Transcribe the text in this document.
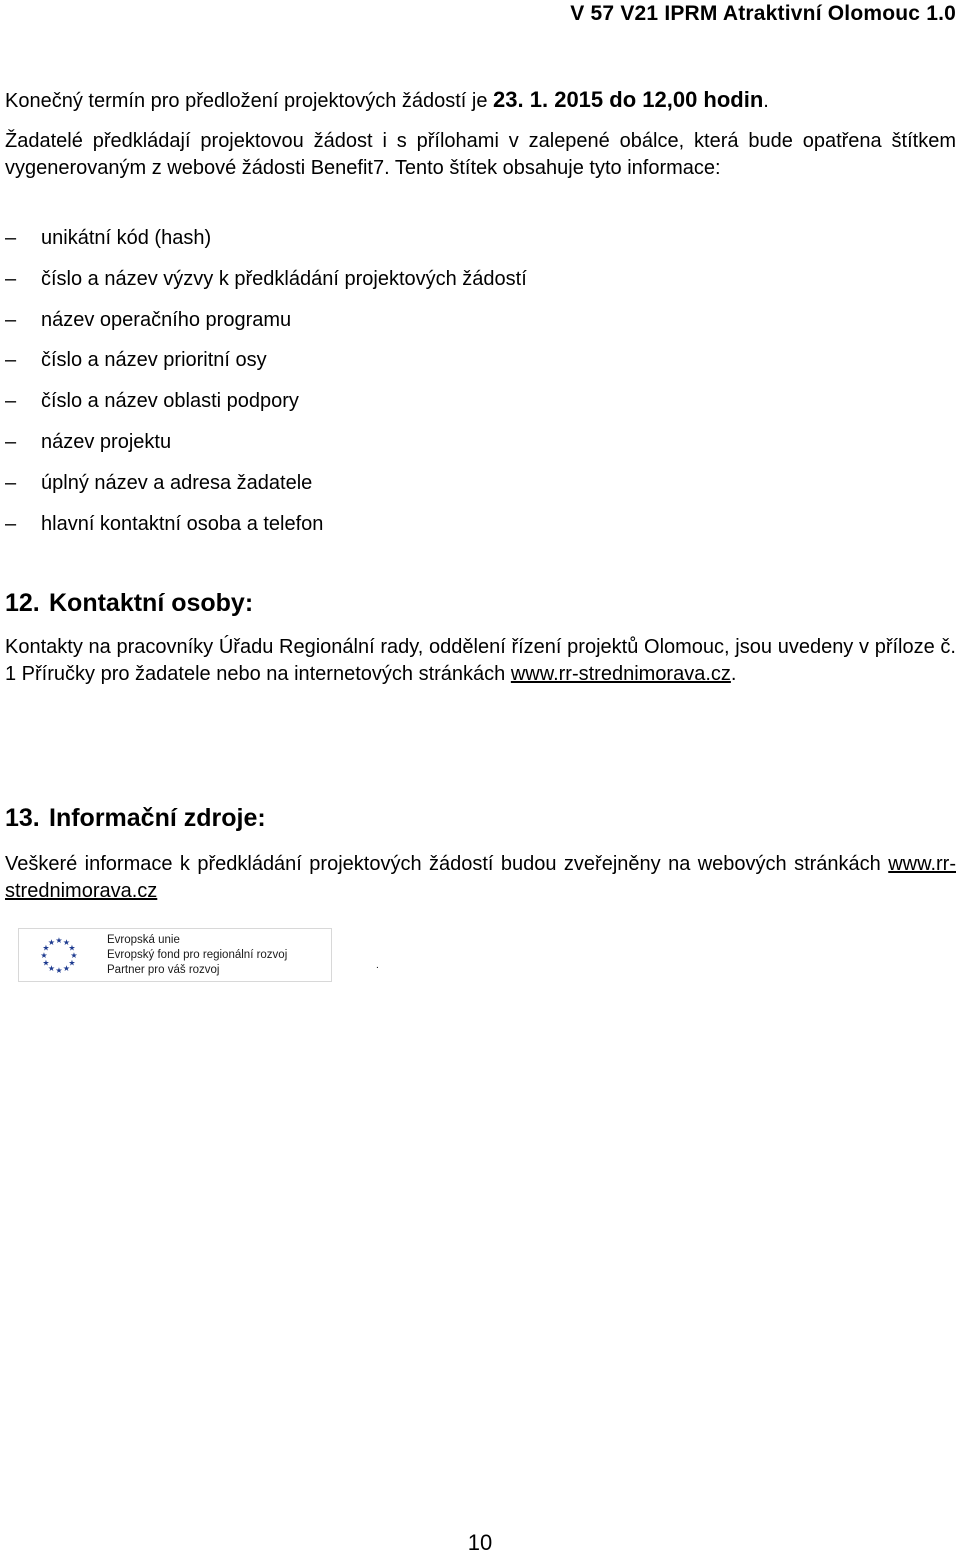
V 57 V21 IPRM Atraktivní Olomouc 1.0

Konečný termín pro předložení projektových žádostí je 23. 1. 2015 do 12,00 hodin.

Žadatelé předkládají projektovou žádost i s přílohami v zalepené obálce, která bude opatřena štítkem vygenerovaným z webové žádosti Benefit7. Tento štítek obsahuje tyto informace:

–	unikátní kód (hash)
–	číslo a název výzvy k předkládání projektových žádostí
–	název operačního programu
–	číslo a název prioritní osy
–	číslo a název oblasti podpory
–	název projektu
–	úplný název a adresa žadatele
–	hlavní kontaktní osoba a telefon
12. Kontaktní osoby:

Kontakty na pracovníky Úřadu Regionální rady, oddělení řízení projektů Olomouc, jsou uvedeny v příloze č. 1 Příručky pro žadatele nebo na internetových stránkách www.rr-strednimorava.cz.

13. Informační zdroje:

Veškeré informace k předkládání projektových žádostí budou zveřejněny na webových stránkách www.rr-strednimorava.cz

★ ★
★
★
★
★
★
★
★
★
★
★	Evropská unie
Evropský fond pro regionální rozvoj
Partner pro váš rozvoj	.
10
